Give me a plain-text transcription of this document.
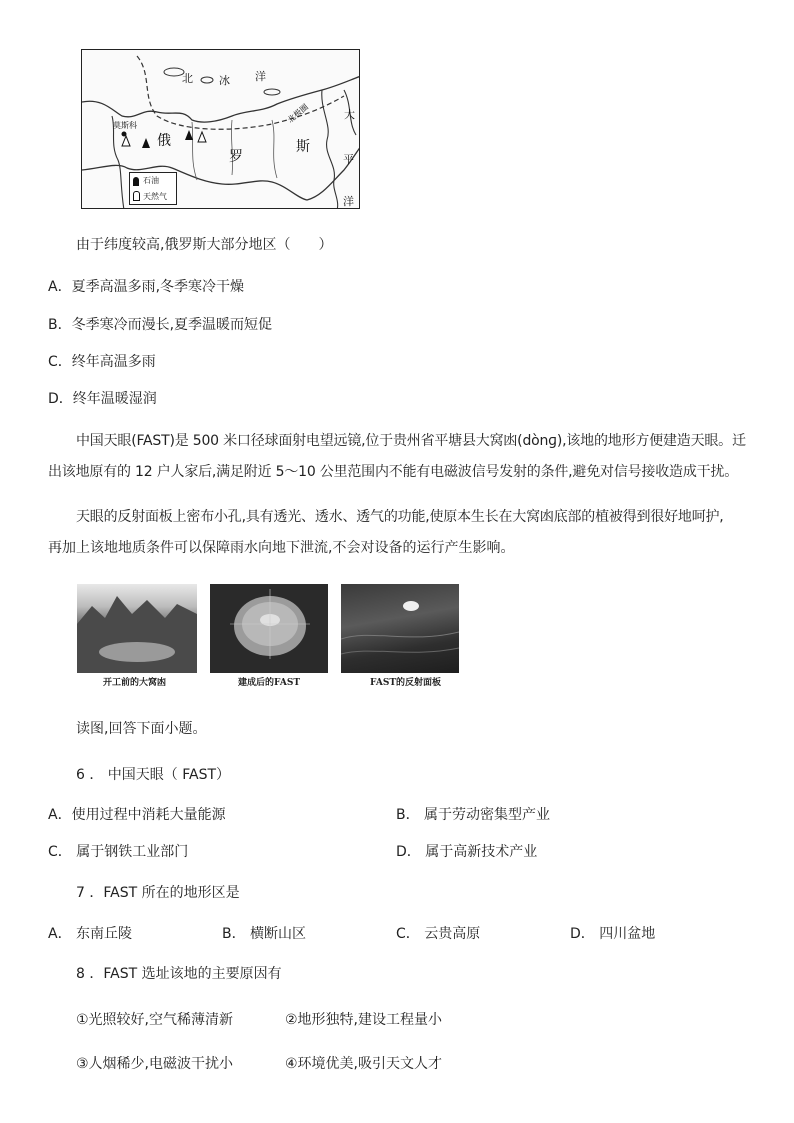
北 冰 洋
北极圈
莫斯科
俄
罗
斯
大
平
洋
石油
天然气
由于纬度较高,俄罗斯大部分地区（　　）
A．夏季高温多雨,冬季寒冷干燥
B．冬季寒冷而漫长,夏季温暖而短促
C．终年高温多雨
D．终年温暖湿润
中国天眼(FAST)是 500 米口径球面射电望远镜,位于贵州省平塘县大窝凼(dònɡ),该地的地形方便建造天眼。迁
出该地原有的 12 户人家后,满足附近 5～10 公里范围内不能有电磁波信号发射的条件,避免对信号接收造成干扰。
天眼的反射面板上密布小孔,具有透光、透水、透气的功能,使原本生长在大窝凼底部的植被得到很好地呵护,
再加上该地地质条件可以保障雨水向地下泄流,不会对设备的运行产生影响。
开工前的大窝凼	建成后的FAST	FAST的反射面板
读图,回答下面小题。
6 ． 中国天眼（ FAST）
A．使用过程中消耗大量能源	B． 属于劳动密集型产业
C． 属于钢铁工业部门	D． 属于高新技术产业
7 ．FAST 所在的地形区是
A． 东南丘陵	B． 横断山区	C． 云贵高原	D． 四川盆地
8 ．FAST 选址该地的主要原因有
①光照较好,空气稀薄清新	②地形独特,建设工程量小
③人烟稀少,电磁波干扰小	④环境优美,吸引天文人才
